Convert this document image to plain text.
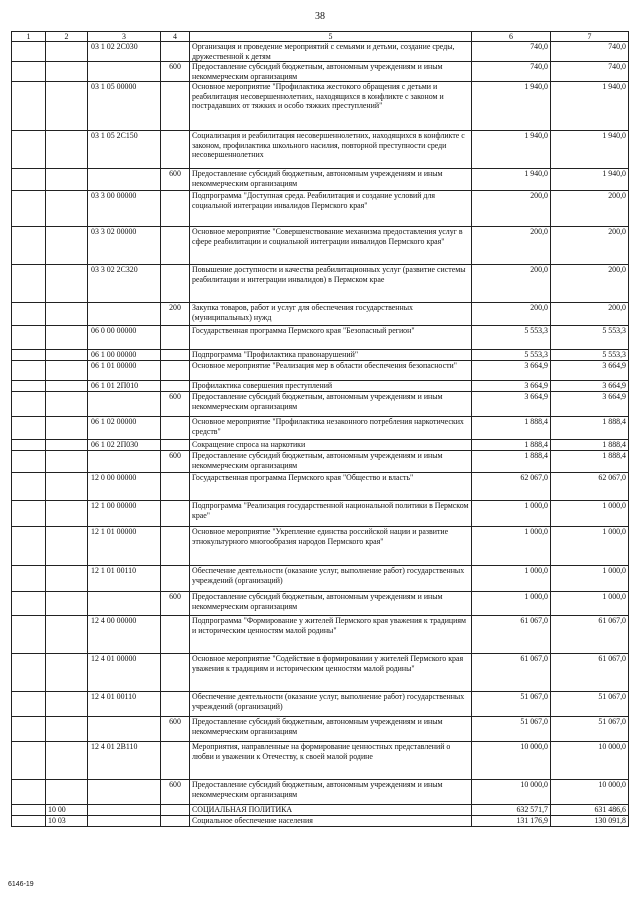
38
1	2	3	4	5	6	7
		03 1 02 2С030		Организация и проведение мероприятий с семьями и детьми, создание среды, дружественной к детям	740,0	740,0
			600	Предоставление субсидий бюджетным, автономным учреждениям и иным некоммерческим организациям	740,0	740,0
		03 1 05 00000		Основное мероприятие "Профилактика жестокого обращения с детьми и реабилитация несовершеннолетних, находящихся в конфликте с законом и пострадавших от тяжких и особо тяжких преступлений"	1 940,0	1 940,0
		03 1 05 2С150		Социализация и реабилитация несовершеннолетних, находящихся в конфликте с законом, профилактика школьного насилия, повторной преступности среди несовершеннолетних	1 940,0	1 940,0
			600	Предоставление субсидий бюджетным, автономным учреждениям и иным некоммерческим организациям	1 940,0	1 940,0
		03 3 00 00000		Подпрограмма "Доступная среда. Реабилитация и создание условий для социальной интеграции инвалидов Пермского края"	200,0	200,0
		03 3 02 00000		Основное мероприятие "Совершенствование механизма предоставления услуг в сфере реабилитации и социальной интеграции инвалидов Пермского края"	200,0	200,0
		03 3 02 2С320		Повышение доступности и качества реабилитационных услуг (развитие системы реабилитации и интеграции инвалидов) в Пермском крае	200,0	200,0
			200	Закупка товаров, работ и услуг для обеспечения государственных (муниципальных) нужд	200,0	200,0
		06 0 00 00000		Государственная программа Пермского края "Безопасный регион"	5 553,3	5 553,3
		06 1 00 00000		Подпрограмма "Профилактика правонарушений"	5 553,3	5 553,3
		06 1 01 00000		Основное мероприятие "Реализация мер в области обеспечения безопасности"	3 664,9	3 664,9
		06 1 01 2П010		Профилактика совершения преступлений	3 664,9	3 664,9
			600	Предоставление субсидий бюджетным, автономным учреждениям и иным некоммерческим организациям	3 664,9	3 664,9
		06 1 02 00000		Основное мероприятие "Профилактика незаконного потребления наркотических средств"	1 888,4	1 888,4
		06 1 02 2П030		Сокращение спроса на наркотики	1 888,4	1 888,4
			600	Предоставление субсидий бюджетным, автономным учреждениям и иным некоммерческим организациям	1 888,4	1 888,4
		12 0 00 00000		Государственная программа Пермского края "Общество и власть"	62 067,0	62 067,0
		12 1 00 00000		Подпрограмма "Реализация государственной национальной политики в Пермском крае"	1 000,0	1 000,0
		12 1 01 00000		Основное мероприятие "Укрепление единства российской нации и развитие этнокультурного многообразия народов Пермского края"	1 000,0	1 000,0
		12 1 01 00110		Обеспечение деятельности (оказание услуг, выполнение работ) государственных учреждений (организаций)	1 000,0	1 000,0
			600	Предоставление субсидий бюджетным, автономным учреждениям и иным некоммерческим организациям	1 000,0	1 000,0
		12 4 00 00000		Подпрограмма "Формирование у жителей Пермского края уважения к традициям и историческим ценностям малой родины"	61 067,0	61 067,0
		12 4 01 00000		Основное мероприятие "Содействие в формировании у жителей Пермского края уважения к традициям и историческим ценностям малой родины"	61 067,0	61 067,0
		12 4 01 00110		Обеспечение деятельности (оказание услуг, выполнение работ) государственных учреждений (организаций)	51 067,0	51 067,0
			600	Предоставление субсидий бюджетным, автономным учреждениям и иным некоммерческим организациям	51 067,0	51 067,0
		12 4 01 2В110		Мероприятия, направленные на формирование ценностных представлений о любви и уважении к Отечеству, к своей малой родине	10 000,0	10 000,0
			600	Предоставление субсидий бюджетным, автономным учреждениям и иным некоммерческим организациям	10 000,0	10 000,0
	10 00			СОЦИАЛЬНАЯ ПОЛИТИКА	632 571,7	631 486,6
	10 03			Социальное обеспечение населения	131 176,9	130 091,8
6146-19
